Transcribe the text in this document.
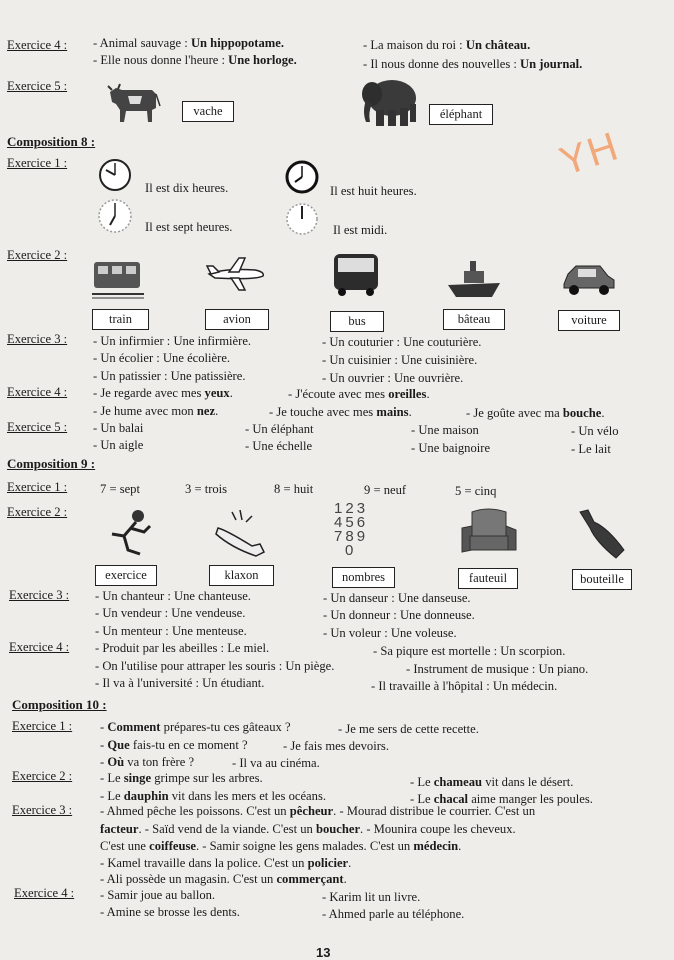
Exercice 4 : - Animal sauvage : Un hippopotame.	- La maison du roi : Un château.
- Elle nous donne l'heure : Une horloge.	- Il nous donne des nouvelles : Un journal.
Exercice 5 :
vache	éléphant
Composition 8 :
Exercice 1 :
Il est dix heures.	Il est huit heures.
Il est sept heures.	Il est midi.
YH
Exercice 2 :
train	avion	bus	bâteau	voiture
Exercice 3 : - Un infirmier : Une infirmière.	- Un couturier : Une couturière.
- Un écolier : Une écolière.	- Un cuisinier : Une cuisinière.
- Un patissier : Une patissière.	- Un ouvrier : Une ouvrière.
Exercice 4 : - Je regarde avec mes yeux.	- J'écoute avec mes oreilles.
- Je hume avec mon nez.	- Je touche avec mes mains.	- Je goûte avec ma bouche.
Exercice 5 : - Un balai	- Un éléphant	- Une maison	- Un vélo
- Un aigle	- Une échelle	- Une baignoire	- Le lait
Composition 9 :
Exercice 1 :	7 = sept	3 = trois	8 = huit	9 = neuf	5 = cinq
Exercice 2 :	123
456
789
0
exercice	klaxon	nombres	fauteuil	bouteille
Exercice 3 : - Un chanteur : Une chanteuse.	- Un danseur : Une danseuse.
- Un vendeur : Une vendeuse.	- Un donneur : Une donneuse.
- Un menteur : Une menteuse.	- Un voleur : Une voleuse.
Exercice 4 : - Produit par les abeilles : Le miel.	- Sa piqure est mortelle : Un scorpion.
- On l'utilise pour attraper les souris : Un piège.	- Instrument de musique : Un piano.
- Il va à l'université : Un étudiant.	- Il travaille à l'hôpital : Un médecin.
Composition 10 :
Exercice 1 : - Comment prépares-tu ces gâteaux ?	- Je me sers de cette recette.
- Que fais-tu en ce moment ?	- Je fais mes devoirs.
- Où va ton frère ?	- Il va au cinéma.
Exercice 2 : - Le singe grimpe sur les arbres.	- Le chameau vit dans le désert.
- Le dauphin vit dans les mers et les océans.	- Le chacal aime manger les poules.
Exercice 3 : - Ahmed pêche les poissons. C'est un pêcheur. - Mourad distribue le courrier. C'est un
facteur. - Saïd vend de la viande. C'est un boucher. - Mounira coupe les cheveux.
C'est une coiffeuse. - Samir soigne les gens malades. C'est un médecin.
- Kamel travaille dans la police. C'est un policier.
- Ali possède un magasin. C'est un commerçant.
Exercice 4 : - Samir joue au ballon.	- Karim lit un livre.
- Amine se brosse les dents.	- Ahmed parle au téléphone.
13
